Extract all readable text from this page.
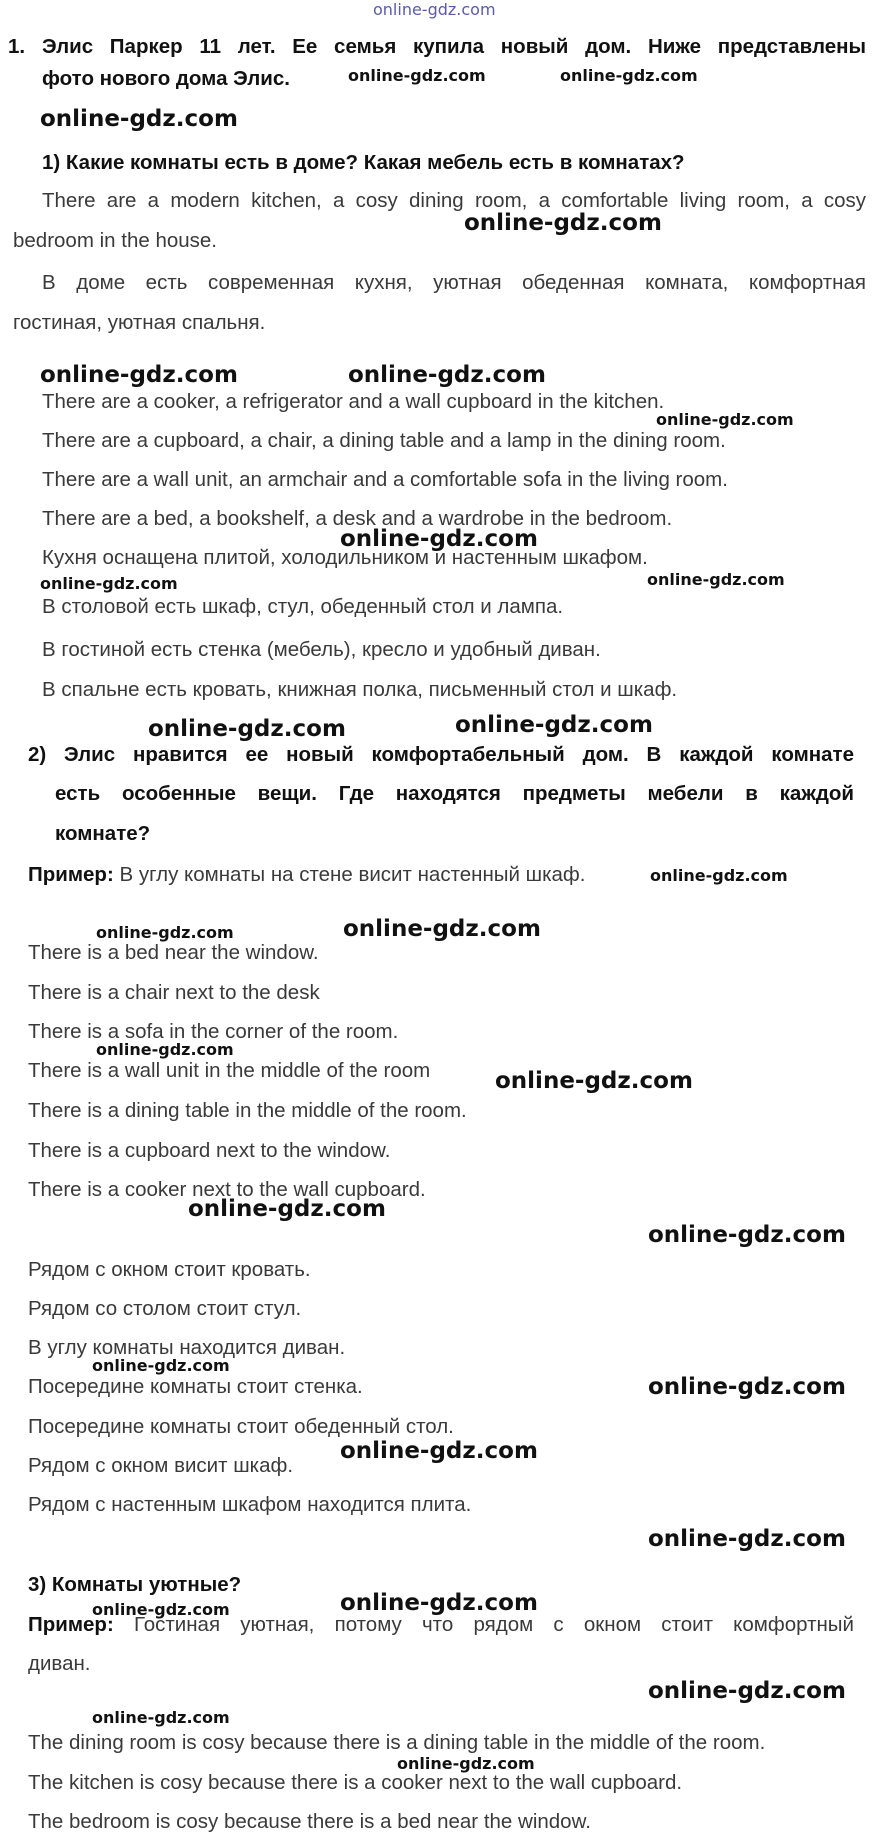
online-gdz.com
1. Элис Паркер 11 лет. Ее семья купила новый дом. Ниже представлены
фото нового дома Элис.
1) Какие комнаты есть в доме? Какая мебель есть в комнатах?
There are a modern kitchen, a cosy dining room, a comfortable living room, a cosy
bedroom in the house.
В доме есть современная кухня, уютная обеденная комната, комфортная
гостиная, уютная спальня.
There are a cooker, a refrigerator and a wall cupboard in the kitchen.
There are a cupboard, a chair, a dining table and a lamp in the dining room.
There are a wall unit, an armchair and a comfortable sofa in the living room.
There are a bed, a bookshelf, a desk and a wardrobe in the bedroom.
Кухня оснащена плитой, холодильником и настенным шкафом.
В столовой есть шкаф, стул, обеденный стол и лампа.
В гостиной есть стенка (мебель), кресло и удобный диван.
В спальне есть кровать, книжная полка, письменный стол и шкаф.
2) Элис нравится ее новый комфортабельный дом. В каждой комнате
есть особенные вещи. Где находятся предметы мебели в каждой
комнате?
Пример: В углу комнаты на стене висит настенный шкаф.
There is a bed near the window.
There is a chair next to the desk
There is a sofa in the corner of the room.
There is a wall unit in the middle of the room
There is a dining table in the middle of the room.
There is a cupboard next to the window.
There is a cooker next to the wall cupboard.
Рядом с окном стоит кровать.
Рядом со столом стоит стул.
В углу комнаты находится диван.
Посередине комнаты стоит стенка.
Посередине комнаты стоит обеденный стол.
Рядом с окном висит шкаф.
Рядом с настенным шкафом находится плита.
3) Комнаты уютные?
Пример: Гостиная уютная, потому что рядом с окном стоит комфортный
диван.
The dining room is cosy because there is a dining table in the middle of the room.
The kitchen is cosy because there is a cooker next to the wall cupboard.
The bedroom is cosy because there is a bed near the window.
online-gdz.com	online-gdz.com
online-gdz.com
online-gdz.com
online-gdz.com	online-gdz.com
online-gdz.com
online-gdz.com
online-gdz.com	online-gdz.com
online-gdz.com	online-gdz.com
online-gdz.com
online-gdz.com	online-gdz.com
online-gdz.com
online-gdz.com
online-gdz.com
online-gdz.com
online-gdz.com
online-gdz.com
online-gdz.com
online-gdz.com
online-gdz.com	online-gdz.com
online-gdz.com
online-gdz.com
online-gdz.com
